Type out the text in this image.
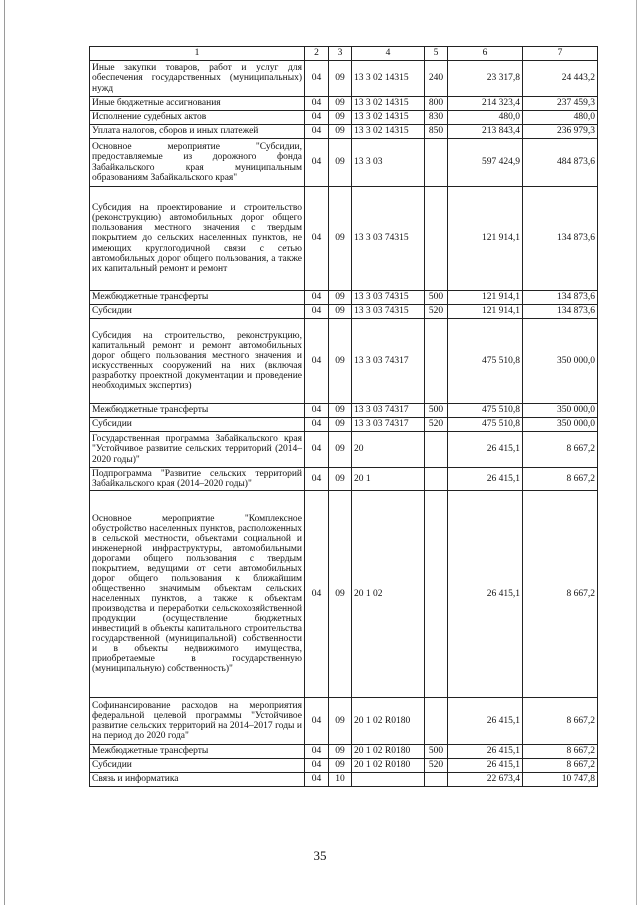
1	2	3	4	5	6	7
Иные закупки товаров, работ и услуг для обеспечения государственных (муниципальных) нужд	04	09	13 3 02 14315	240	23 317,8	24 443,2
Иные бюджетные ассигнования	04	09	13 3 02 14315	800	214 323,4	237 459,3
Исполнение судебных актов	04	09	13 3 02 14315	830	480,0	480,0
Уплата налогов, сборов и иных платежей	04	09	13 3 02 14315	850	213 843,4	236 979,3
Основное мероприятие "Субсидии, предоставляемые из дорожного фонда Забайкальского края муниципальным образованиям Забайкальского края"	04	09	13 3 03		597 424,9	484 873,6
Субсидия на проектирование и строительство (реконструкцию) автомобильных дорог общего пользования местного значения с твердым покрытием до сельских населенных пунктов, не имеющих круглогодичной связи с сетью автомобильных дорог общего пользования, а также их капитальный ремонт и ремонт	04	09	13 3 03 74315		121 914,1	134 873,6
Межбюджетные трансферты	04	09	13 3 03 74315	500	121 914,1	134 873,6
Субсидии	04	09	13 3 03 74315	520	121 914,1	134 873,6
Субсидия на строительство, реконструкцию, капитальный ремонт и ремонт автомобильных дорог общего пользования местного значения и искусственных сооружений на них (включая разработку проектной документации и проведение необходимых экспертиз)	04	09	13 3 03 74317		475 510,8	350 000,0
Межбюджетные трансферты	04	09	13 3 03 74317	500	475 510,8	350 000,0
Субсидии	04	09	13 3 03 74317	520	475 510,8	350 000,0
Государственная программа Забайкальского края "Устойчивое развитие сельских территорий (2014–2020 годы)"	04	09	20		26 415,1	8 667,2
Подпрограмма "Развитие сельских территорий Забайкальского края (2014–2020 годы)"	04	09	20 1		26 415,1	8 667,2
Основное мероприятие "Комплексное обустройство населенных пунктов, расположенных в сельской местности, объектами социальной и инженерной инфраструктуры, автомобильными дорогами общего пользования с твердым покрытием, ведущими от сети автомобильных дорог общего пользования к ближайшим общественно значимым объектам сельских населенных пунктов, а также к объектам производства и переработки сельскохозяйственной продукции (осуществление бюджетных инвестиций в объекты капитального строительства государственной (муниципальной) собственности и в объекты недвижимого имущества, приобретаемые в государственную (муниципальную) собственность)"	04	09	20 1 02		26 415,1	8 667,2
Софинансирование расходов на мероприятия федеральной целевой программы "Устойчивое развитие сельских территорий на 2014–2017 годы и на период до 2020 года"	04	09	20 1 02 R0180		26 415,1	8 667,2
Межбюджетные трансферты	04	09	20 1 02 R0180	500	26 415,1	8 667,2
Субсидии	04	09	20 1 02 R0180	520	26 415,1	8 667,2
Связь и информатика	04	10			22 673,4	10 747,8
35
